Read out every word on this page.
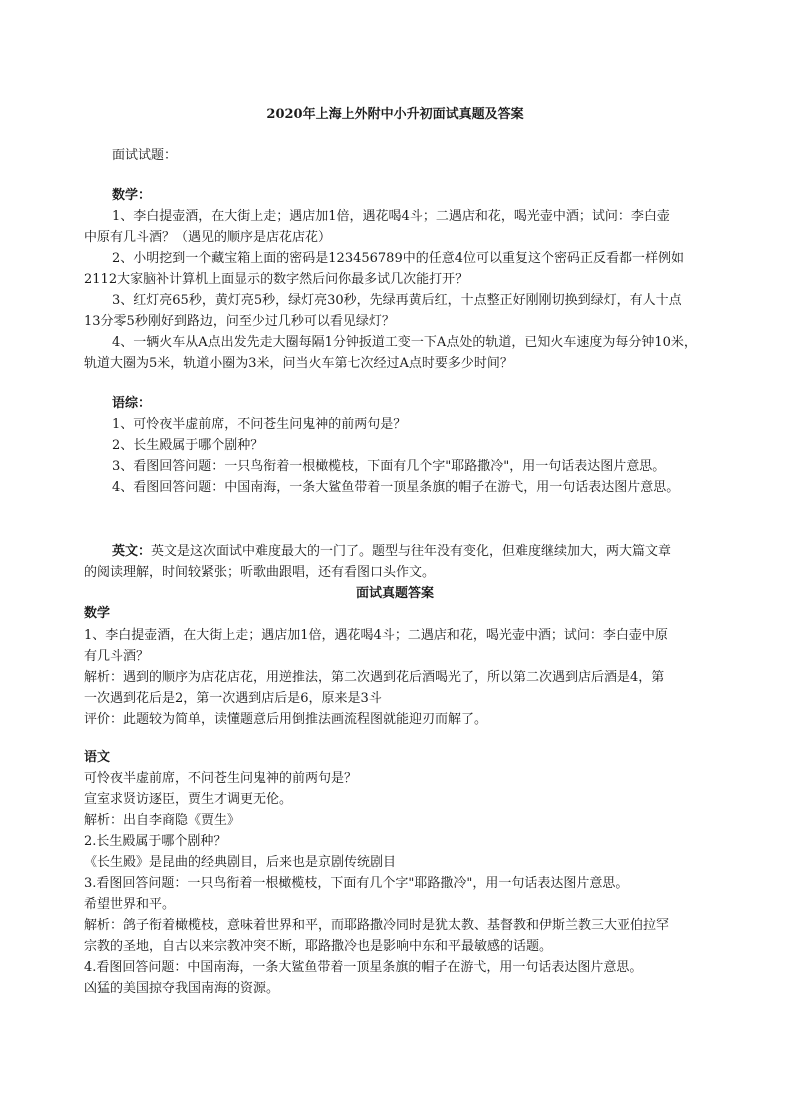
2020年上海上外附中小升初面试真题及答案
面试试题：
数学：
1、李白提壶酒，在大街上走；遇店加1倍，遇花喝4斗；二遇店和花，喝光壶中酒；试问：李白壶
中原有几斗酒？（遇见的顺序是店花店花）
2、小明挖到一个藏宝箱上面的密码是123456789中的任意4位可以重复这个密码正反看都一样例如
2112大家脑补计算机上面显示的数字然后问你最多试几次能打开？
3、红灯亮65秒，黄灯亮5秒，绿灯亮30秒，先绿再黄后红，十点整正好刚刚切换到绿灯，有人十点
13分零5秒刚好到路边，问至少过几秒可以看见绿灯？
4、一辆火车从A点出发先走大圈每隔1分钟扳道工变一下A点处的轨道，已知火车速度为每分钟10米，
轨道大圈为5米，轨道小圈为3米，问当火车第七次经过A点时要多少时间？
语综：
1、可怜夜半虚前席，不问苍生问鬼神的前两句是？
2、长生殿属于哪个剧种？
3、看图回答问题：一只鸟衔着一根橄榄枝，下面有几个字"耶路撒冷"，用一句话表达图片意思。
4、看图回答问题：中国南海，一条大鲨鱼带着一顶星条旗的帽子在游弋，用一句话表达图片意思。
英文：英文是这次面试中难度最大的一门了。题型与往年没有变化，但难度继续加大，两大篇文章
的阅读理解，时间较紧张；听歌曲跟唱，还有看图口头作文。
面试真题答案
数学
1、李白提壶酒，在大街上走；遇店加1倍，遇花喝4斗；二遇店和花，喝光壶中酒；试问：李白壶中原
有几斗酒？
解析：遇到的顺序为店花店花，用逆推法，第二次遇到花后酒喝光了，所以第二次遇到店后酒是4，第
一次遇到花后是2，第一次遇到店后是6，原来是3斗
评价：此题较为简单，读懂题意后用倒推法画流程图就能迎刃而解了。
语文
可怜夜半虚前席，不问苍生问鬼神的前两句是？
宣室求贤访逐臣，贾生才调更无伦。
解析：出自李商隐《贾生》
2.长生殿属于哪个剧种？
《长生殿》是昆曲的经典剧目，后来也是京剧传统剧目
3.看图回答问题：一只鸟衔着一根橄榄枝，下面有几个字"耶路撒冷"，用一句话表达图片意思。
希望世界和平。
解析：鸽子衔着橄榄枝，意味着世界和平，而耶路撒冷同时是犹太教、基督教和伊斯兰教三大亚伯拉罕
宗教的圣地，自古以来宗教冲突不断，耶路撒冷也是影响中东和平最敏感的话题。
4.看图回答问题：中国南海，一条大鲨鱼带着一顶星条旗的帽子在游弋，用一句话表达图片意思。
凶猛的美国掠夺我国南海的资源。
